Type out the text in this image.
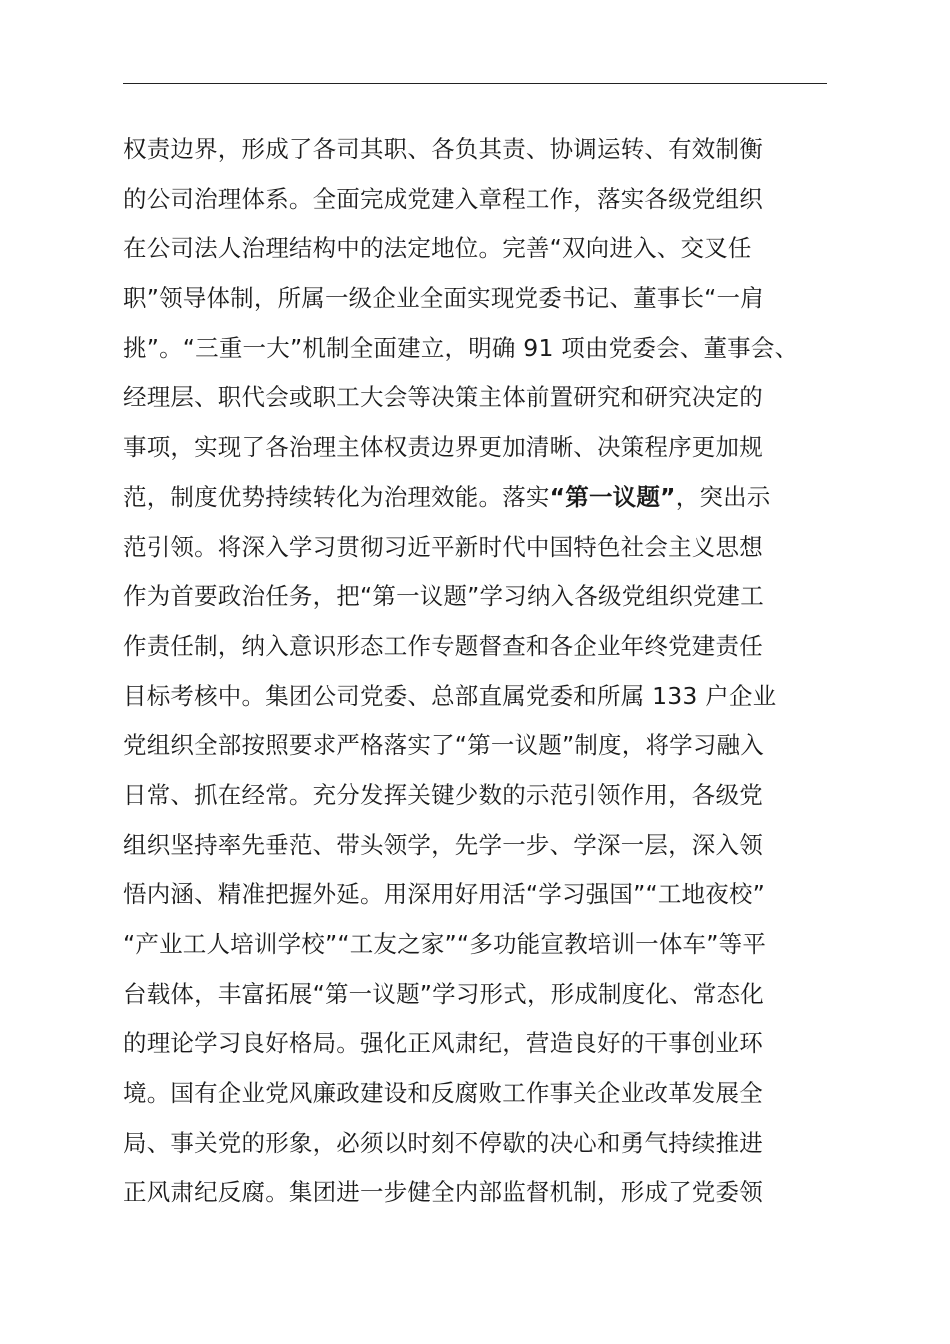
权责边界，形成了各司其职、各负其责、协调运转、有效制衡
的公司治理体系。全面完成党建入章程工作，落实各级党组织
在公司法人治理结构中的法定地位。完善“双向进入、交叉任
职”领导体制，所属一级企业全面实现党委书记、董事长“一肩
挑”。“三重一大”机制全面建立，明确 91 项由党委会、董事会、
经理层、职代会或职工大会等决策主体前置研究和研究决定的
事项，实现了各治理主体权责边界更加清晰、决策程序更加规
范，制度优势持续转化为治理效能。落实“第一议题”，突出示
范引领。将深入学习贯彻习近平新时代中国特色社会主义思想
作为首要政治任务，把“第一议题”学习纳入各级党组织党建工
作责任制，纳入意识形态工作专题督查和各企业年终党建责任
目标考核中。集团公司党委、总部直属党委和所属 133 户企业
党组织全部按照要求严格落实了“第一议题”制度，将学习融入
日常、抓在经常。充分发挥关键少数的示范引领作用，各级党
组织坚持率先垂范、带头领学，先学一步、学深一层，深入领
悟内涵、精准把握外延。用深用好用活“学习强国”“工地夜校”
“产业工人培训学校”“工友之家”“多功能宣教培训一体车”等平
台载体，丰富拓展“第一议题”学习形式，形成制度化、常态化
的理论学习良好格局。强化正风肃纪，营造良好的干事创业环
境。国有企业党风廉政建设和反腐败工作事关企业改革发展全
局、事关党的形象，必须以时刻不停歇的决心和勇气持续推进
正风肃纪反腐。集团进一步健全内部监督机制，形成了党委领
